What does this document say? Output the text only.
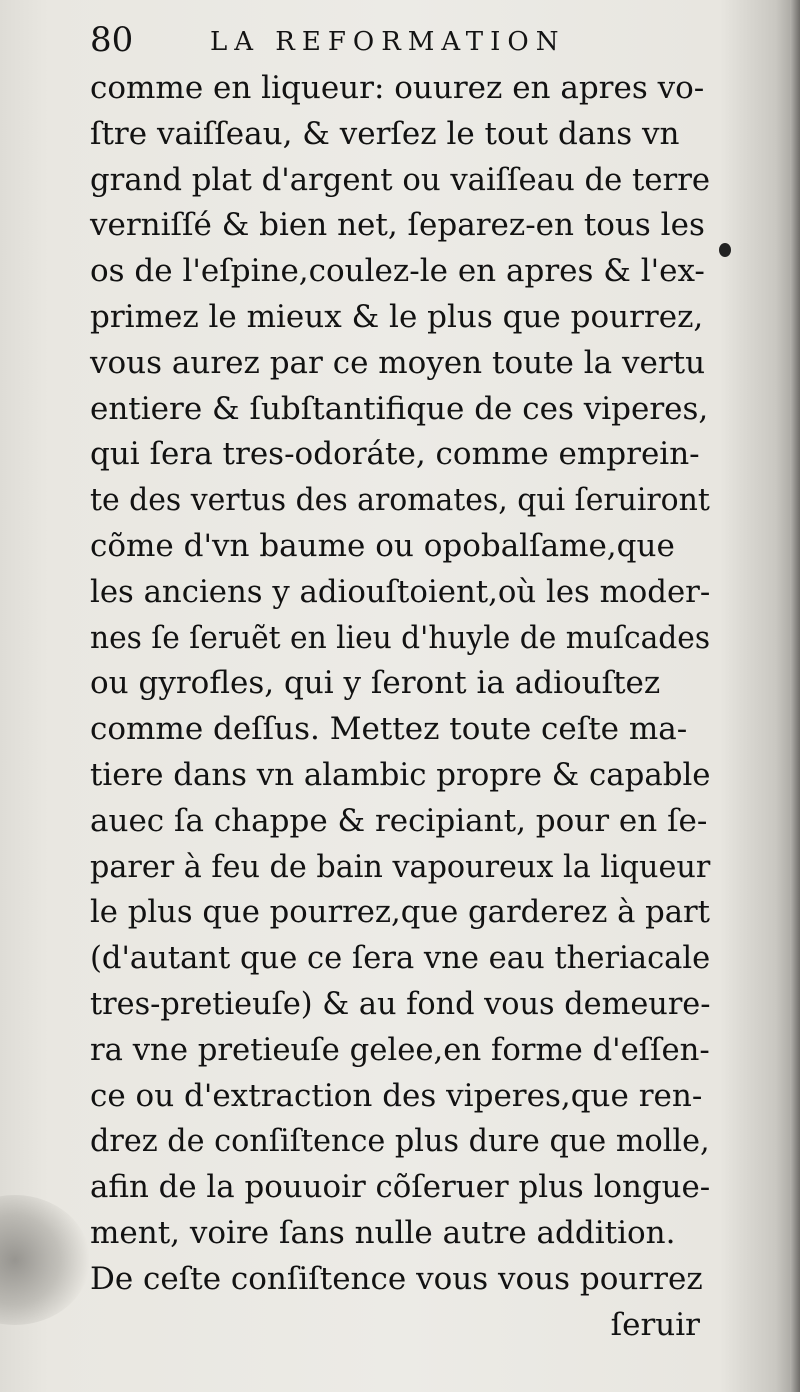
80	LA REFORMATION
comme en liqueur: ouurez en apres vo-
ſtre vaiſſeau, & verſez le tout dans vn
grand plat d'argent ou vaiſſeau de terre
verniſſé & bien net, ſeparez-en tous les
os de l'eſpine,coulez-le en apres & l'ex-
primez le mieux & le plus que pourrez,
vous aurez par ce moyen toute la vertu
entiere & ſubſtantifique de ces viperes,
qui ſera tres-odoráte, comme emprein-
te des vertus des aromates, qui ſeruiront
cõme d'vn baume ou opobalſame,que
les anciens y adiouſtoient,où les moder-
nes ſe ſeruẽt en lieu d'huyle de muſcades
ou gyrofles, qui y ſeront ia adiouſtez
comme deſſus. Mettez toute ceſte ma-
tiere dans vn alambic propre & capable
auec ſa chappe & recipiant, pour en ſe-
parer à feu de bain vapoureux la liqueur
le plus que pourrez,que garderez à part
(d'autant que ce ſera vne eau theriacale
tres-pretieuſe) & au fond vous demeure-
ra vne pretieuſe gelee,en forme d'eſſen-
ce ou d'extraction des viperes,que ren-
drez de conſiſtence plus dure que molle,
afin de la pouuoir cõſeruer plus longue-
ment, voire ſans nulle autre addition.
De ceſte conſiſtence vous vous pourrez
ſeruir
